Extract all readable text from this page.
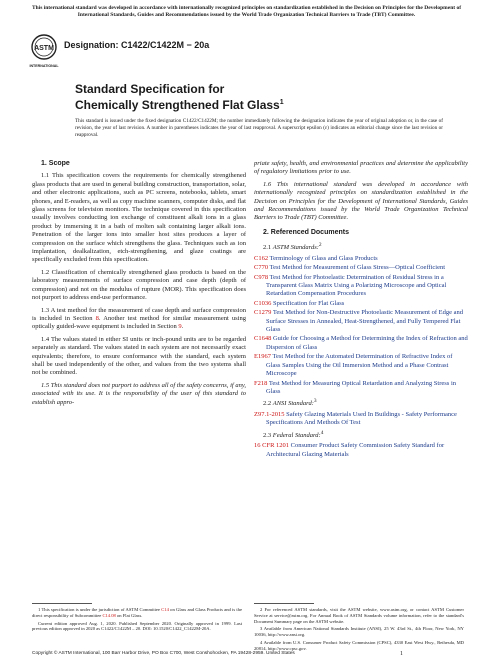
This international standard was developed in accordance with internationally recognized principles on standardization established in the Decision on Principles for the Development of International Standards, Guides and Recommendations issued by the World Trade Organization Technical Barriers to Trade (TBT) Committee.
ASTM
INTERNATIONAL
Designation: C1422/C1422M − 20a
Standard Specification for
Chemically Strengthened Flat Glass$^1$
This standard is issued under the fixed designation C1422/C1422M; the number immediately following the designation indicates the year of original adoption or, in the case of revision, the year of last revision. A number in parentheses indicates the year of last reapproval. A superscript epsilon (ε) indicates an editorial change since the last revision or reapproval.

1. Scope

1.1 This specification covers the requirements for chemically strengthened glass products that are used in general building construction, transportation, solar, and other electronic applications, such as PC screens, notebooks, tablets, smart phones, and E-readers, as well as copy machine scanners, computer disks, and flat glass screens for television monitors. The technique covered in this specification usually involves conducting ion exchange of constituent alkali ions in a glass product by immersing it in a bath of molten salt containing larger alkali ions. Penetration of the larger ions into smaller host sites produces a layer of compression on the surface which strengthens the glass. Techniques such as ion implantation, dealkalization, etch-strengthening, and glaze coatings are specifically excluded from this specification.

1.2 Classification of chemically strengthened glass products is based on the laboratory measurements of surface compression and case depth (depth of compression) and not on the modulus of rupture (MOR). This specification does not purport to address end-use performance.

1.3 A test method for the measurement of case depth and surface compression is included in Section 8. Another test method for similar measurement using optically guided-wave equipment is included in Section 9.

1.4 The values stated in either SI units or inch-pound units are to be regarded separately as standard. The values stated in each system are not necessarily exact equivalents; therefore, to ensure conformance with the standard, each system shall be used independently of the other, and values from the two systems shall not be combined.

1.5 This standard does not purport to address all of the safety concerns, if any, associated with its use. It is the responsibility of the user of this standard to establish appro-

priate safety, health, and environmental practices and determine the applicability of regulatory limitations prior to use.

1.6 This international standard was developed in accordance with internationally recognized principles on standardization established in the Decision on Principles for the Development of International Standards, Guides and Recommendations issued by the World Trade Organization Technical Barriers to Trade (TBT) Committee.

2. Referenced Documents

2.1 ASTM Standards:$^2$
C162 Terminology of Glass and Glass Products
C770 Test Method for Measurement of Glass Stress—Optical Coefficient
C978 Test Method for Photoelastic Determination of Residual Stress in a Transparent Glass Matrix Using a Polarizing Microscope and Optical Retardation Compensation Procedures
C1036 Specification for Flat Glass
C1279 Test Method for Non-Destructive Photoelastic Measurement of Edge and Surface Stresses in Annealed, Heat-Strengthened, and Fully Tempered Flat Glass
C1648 Guide for Choosing a Method for Determining the Index of Refraction and Dispersion of Glass
E1967 Test Method for the Automated Determination of Refractive Index of Glass Samples Using the Oil Immersion Method and a Phase Contrast Microscope
F218 Test Method for Measuring Optical Retardation and Analyzing Stress in Glass
2.2 ANSI Standard:$^3$
Z97.1-2015 Safety Glazing Materials Used In Buildings - Safety Performance Specifications And Methods Of Test
2.3 Federal Standard:$^4$
16 CFR 1201 Consumer Product Safety Commission Safety Standard for Architectural Glazing Materials

1 This specification is under the jurisdiction of ASTM Committee C14 on Glass and Glass Products and is the direct responsibility of Subcommittee C14.08 on Flat Glass.

Current edition approved Aug. 1, 2020. Published September 2020. Originally approved in 1999. Last previous edition approved in 2020 as C1422/C1422M – 20. DOI: 10.1520/C1422_C1422M-20A.

2 For referenced ASTM standards, visit the ASTM website, www.astm.org, or contact ASTM Customer Service at service@astm.org. For Annual Book of ASTM Standards volume information, refer to the standard's Document Summary page on the ASTM website.

3 Available from American National Standards Institute (ANSI), 25 W. 43rd St., 4th Floor, New York, NY 10036, http://www.ansi.org.

4 Available from U.S. Consumer Product Safety Commission (CPSC), 4330 East West Hwy., Bethesda, MD 20814, http://www.cpsc.gov.

Copyright © ASTM International, 100 Barr Harbor Drive, PO Box C700, West Conshohocken, PA 19428-2959. United States	1
